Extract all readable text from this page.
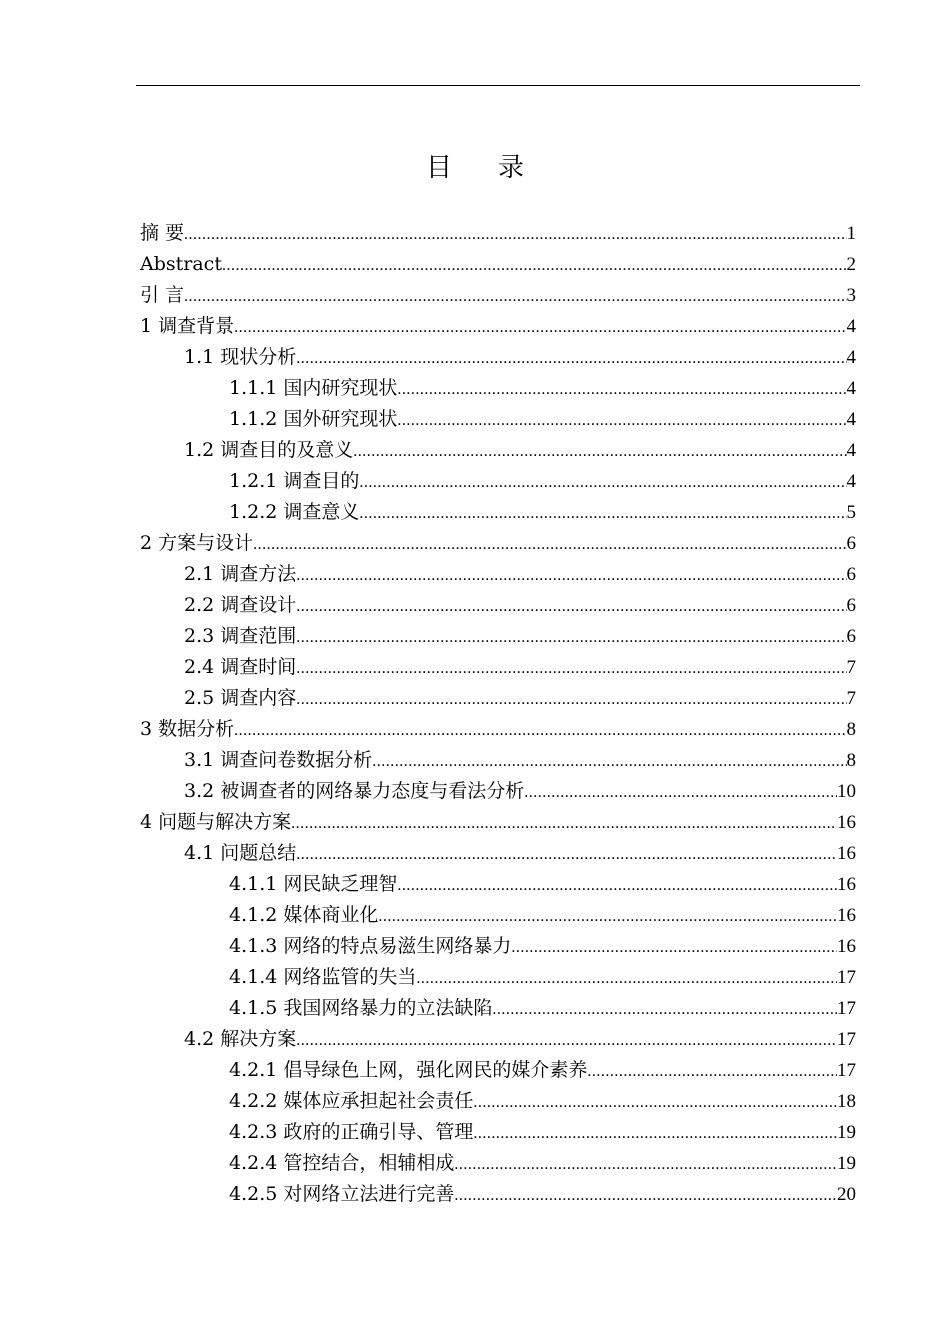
目 录
摘 要 .....	1
Abstract .....	2
引 言 .....	3
1 调查背景 .....	4
1.1 现状分析 .....	4
1.1.1 国内研究现状 .....	4
1.1.2 国外研究现状 .....	4
1.2 调查目的及意义 .....	4
1.2.1 调查目的 .....	4
1.2.2 调查意义 .....	5
2 方案与设计 .....	6
2.1 调查方法 .....	6
2.2 调查设计 .....	6
2.3 调查范围 .....	6
2.4 调查时间 .....	7
2.5 调查内容 .....	7
3 数据分析 .....	8
3.1 调查问卷数据分析 .....	8
3.2 被调查者的网络暴力态度与看法分析 .....	10
4 问题与解决方案 .....	16
4.1 问题总结 .....	16
4.1.1 网民缺乏理智 .....	16
4.1.2 媒体商业化 .....	16
4.1.3 网络的特点易滋生网络暴力 .....	16
4.1.4 网络监管的失当 .....	17
4.1.5 我国网络暴力的立法缺陷 .....	17
4.2 解决方案 .....	17
4.2.1 倡导绿色上网，强化网民的媒介素养 .....	17
4.2.2 媒体应承担起社会责任 .....	18
4.2.3 政府的正确引导、管理 .....	19
4.2.4 管控结合，相辅相成 .....	19
4.2.5 对网络立法进行完善 .....	20
